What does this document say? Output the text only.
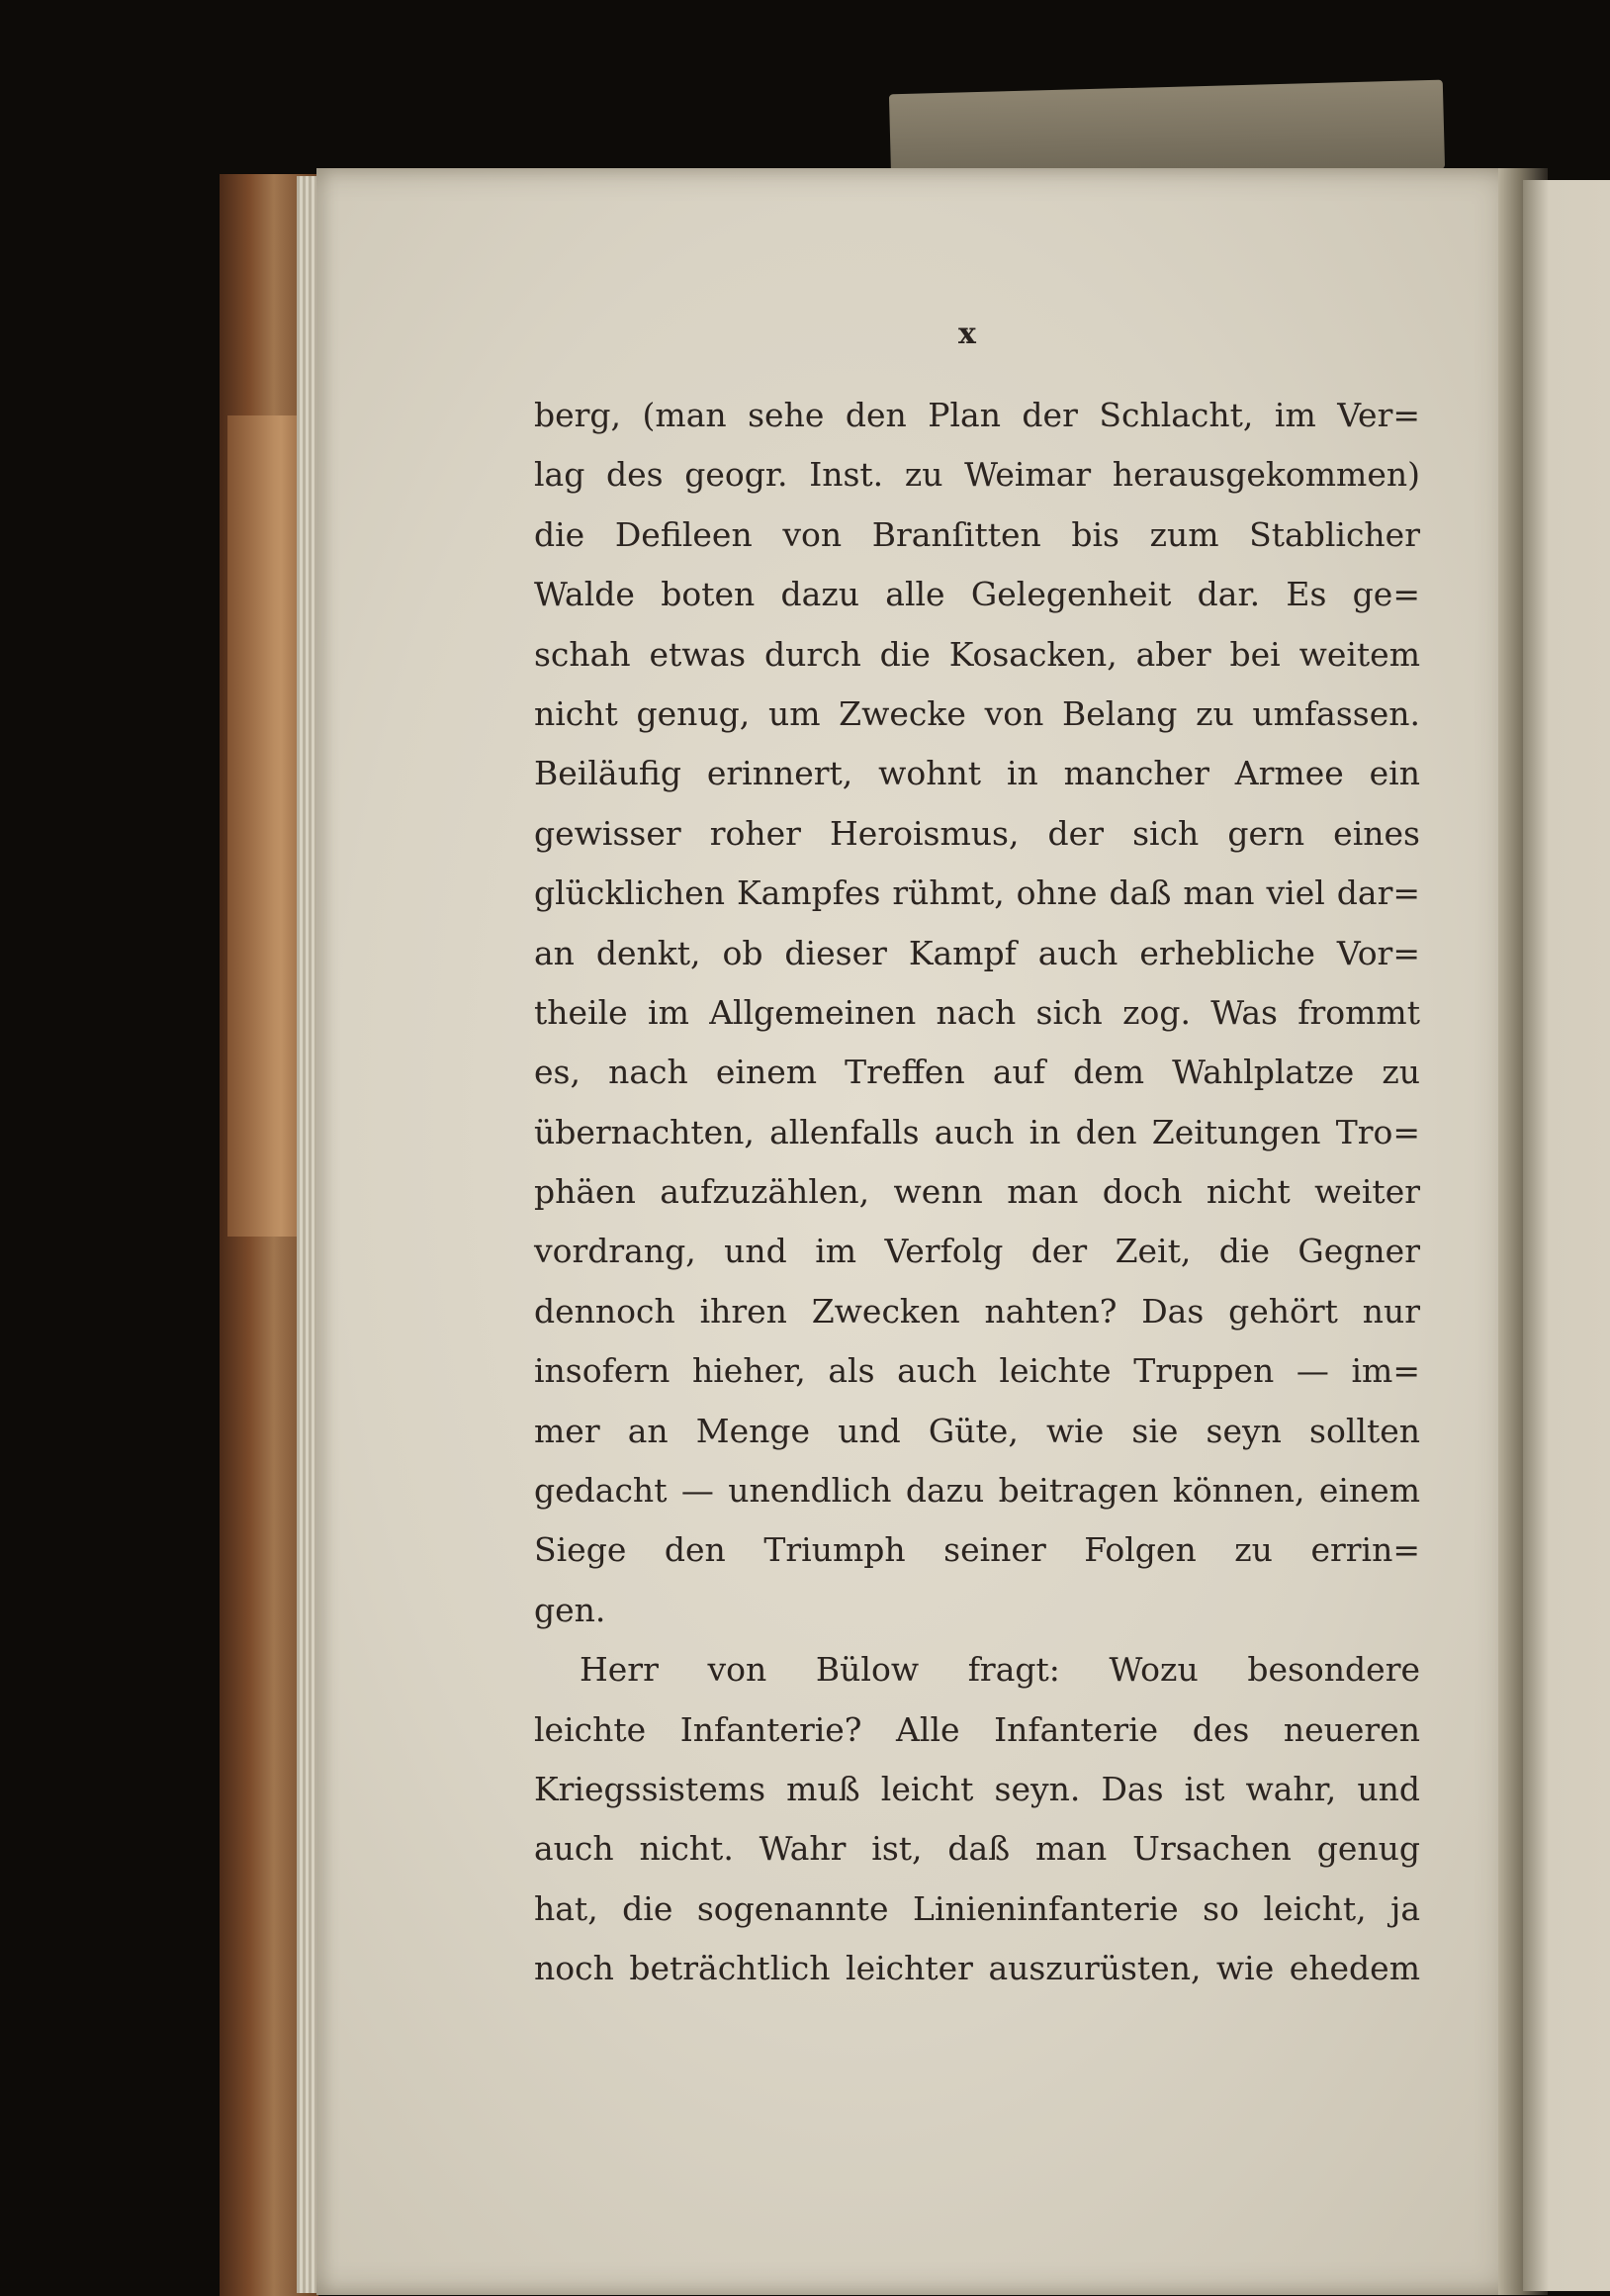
x
berg, (man sehe den Plan der Schlacht, im Ver=
lag des geogr. Inst. zu Weimar herausgekommen)
die Defileen von Branſitten bis zum Stablicher
Walde boten dazu alle Gelegenheit dar. Es ge=
schah etwas durch die Kosacken, aber bei weitem
nicht genug, um Zwecke von Belang zu umfassen.
Beiläufig erinnert, wohnt in mancher Armee ein
gewisser roher Heroismus, der sich gern eines
glücklichen Kampfes rühmt, ohne daß man viel dar=
an denkt, ob dieser Kampf auch erhebliche Vor=
theile im Allgemeinen nach sich zog. Was frommt
es, nach einem Treffen auf dem Wahlplatze zu
übernachten, allenfalls auch in den Zeitungen Tro=
phäen aufzuzählen, wenn man doch nicht weiter
vordrang, und im Verfolg der Zeit, die Gegner
dennoch ihren Zwecken nahten? Das gehört nur
insofern hieher, als auch leichte Truppen — im=
mer an Menge und Güte, wie sie seyn sollten
gedacht — unendlich dazu beitragen können, einem
Siege den Triumph seiner Folgen zu errin=
gen.
Herr von Bülow fragt: Wozu besondere
leichte Infanterie? Alle Infanterie des neueren
Kriegssistems muß leicht seyn. Das ist wahr, und
auch nicht. Wahr ist, daß man Ursachen genug
hat, die sogenannte Linieninfanterie so leicht, ja
noch beträchtlich leichter auszurüsten, wie ehedem
